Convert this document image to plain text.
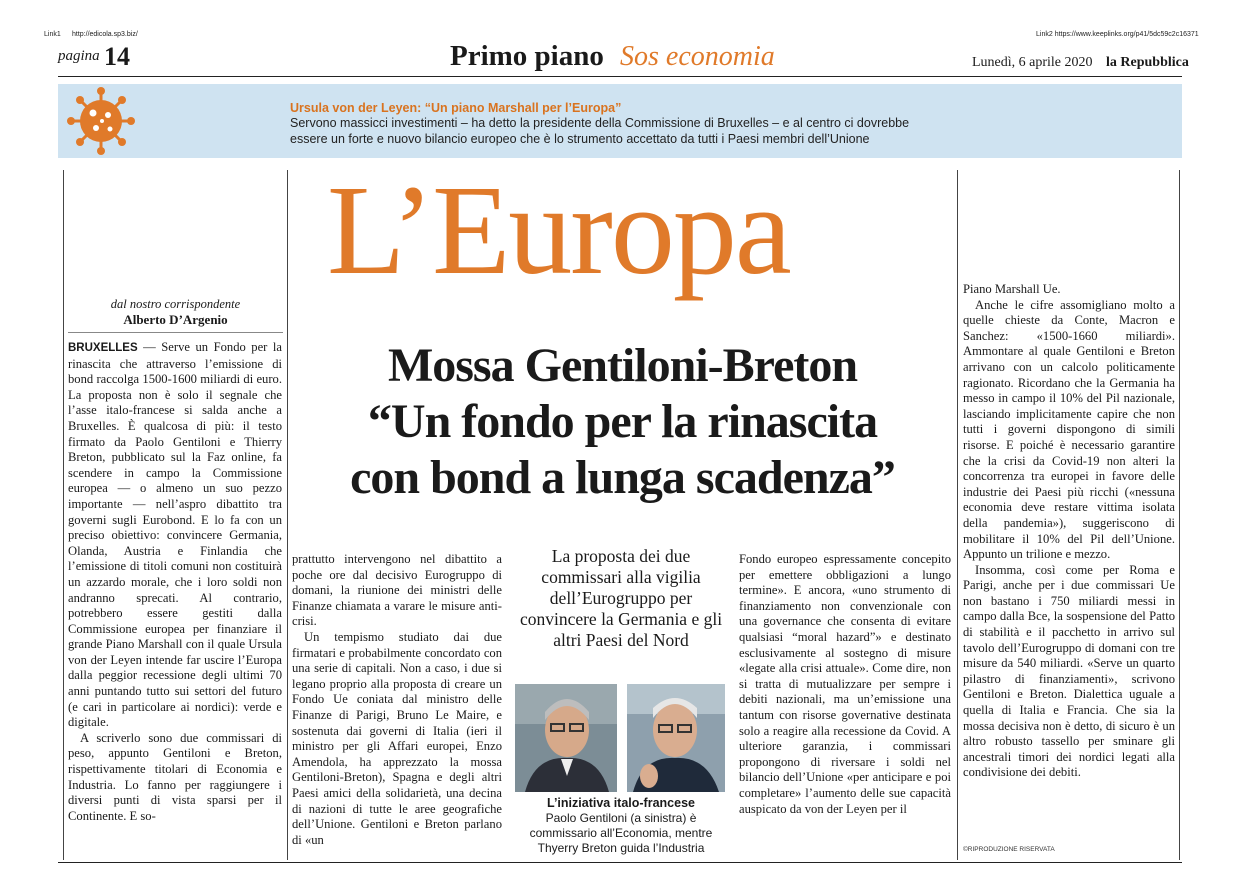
Link1 http://edicola.sp3.biz/	Link2 https://www.keeplinks.org/p41/5dc59c2c16371
pagina 14	Primo piano Sos economia	Lunedì, 6 aprile 2020 la Repubblica
Ursula von der Leyen: “Un piano Marshall per l’Europa”
Servono massicci investimenti – ha detto la presidente della Commissione di Bruxelles – e al centro ci dovrebbe essere un forte e nuovo bilancio europeo che è lo strumento accettato da tutti i Paesi membri dell’Unione
L’Europa
Mossa Gentiloni-Breton
“Un fondo per la rinascita
con bond a lunga scadenza”
dal nostro corrispondente
Alberto D’Argenio

BRUXELLES — Serve un Fondo per la rinascita che attraverso l’emissione di bond raccolga 1500-1600 miliardi di euro. La proposta non è solo il segnale che l’asse italo-francese si salda anche a Bruxelles. È qualcosa di più: il testo firmato da Paolo Gentiloni e Thierry Breton, pubblicato sul la Faz online, fa scendere in campo la Commissione europea — o almeno un suo pezzo importante — nell’aspro dibattito tra governi sugli Eurobond. E lo fa con un preciso obiettivo: convincere Germania, Olanda, Austria e Finlandia che l’emissione di titoli comuni non costituirà un azzardo morale, che i loro soldi non andranno sprecati. Al contrario, potrebbero essere gestiti dalla Commissione europea per finanziare il grande Piano Marshall con il quale Ursula von der Leyen intende far uscire l’Europa dalla peggior recessione degli ultimi 70 anni puntando tutto sui settori del futuro (e cari in particolare ai nordici): verde e digitale.

A scriverlo sono due commissari di peso, appunto Gentiloni e Breton, rispettivamente titolari di Economia e Industria. Lo fanno per raggiungere i diversi punti di vista sparsi per il Continente. E so-

prattutto intervengono nel dibattito a poche ore dal decisivo Eurogruppo di domani, la riunione dei ministri delle Finanze chiamata a varare le misure anti-crisi.

Un tempismo studiato dai due firmatari e probabilmente concordato con una serie di capitali. Non a caso, i due si legano proprio alla proposta di creare un Fondo Ue coniata dal ministro delle Finanze di Parigi, Bruno Le Maire, e sostenuta dai governi di Italia (ieri il ministro per gli Affari europei, Enzo Amendola, ha apprezzato la mossa Gentiloni-Breton), Spagna e degli altri Paesi amici della solidarietà, una decina di nazioni di tutte le aree geografiche dell’Unione. Gentiloni e Breton parlano di «un

La proposta dei due commissari alla vigilia dell’Eurogruppo per convincere la Germania e gli altri Paesi del Nord
L’iniziativa italo-francese
Paolo Gentiloni (a sinistra) è commissario all’Economia, mentre Thyerry Breton guida l’Industria

Fondo europeo espressamente concepito per emettere obbligazioni a lungo termine». E ancora, «uno strumento di finanziamento non convenzionale con una governance che consenta di evitare qualsiasi “moral hazard”» e destinato esclusivamente al sostegno di misure «legate alla crisi attuale». Come dire, non si tratta di mutualizzare per sempre i debiti nazionali, ma un’emissione una tantum con risorse governative destinata solo a reagire alla recessione da Covid. A ulteriore garanzia, i commissari propongono di riversare i soldi nel bilancio dell’Unione «per anticipare e poi completare» l’aumento delle sue capacità auspicato da von der Leyen per il

Piano Marshall Ue.

Anche le cifre assomigliano molto a quelle chieste da Conte, Macron e Sanchez: «1500-1660 miliardi». Ammontare al quale Gentiloni e Breton arrivano con un calcolo politicamente ragionato. Ricordano che la Germania ha messo in campo il 10% del Pil nazionale, lasciando implicitamente capire che non tutti i governi dispongono di simili risorse. E poiché è necessario garantire che la crisi da Covid-19 non alteri la concorrenza tra europei in favore delle industrie dei Paesi più ricchi («nessuna economia deve restare vittima isolata della pandemia»), suggeriscono di mobilitare il 10% del Pil dell’Unione. Appunto un trilione e mezzo.

Insomma, così come per Roma e Parigi, anche per i due commissari Ue non bastano i 750 miliardi messi in campo dalla Bce, la sospensione del Patto di stabilità e il pacchetto in arrivo sul tavolo dell’Eurogruppo di domani con tre misure da 540 miliardi. «Serve un quarto pilastro di finanziamenti», scrivono Gentiloni e Breton. Dialettica uguale a quella di Italia e Francia. Che sia la mossa decisiva non è detto, di sicuro è un altro robusto tassello per sminare gli ancestrali timori dei nordici legati alla condivisione dei debiti.

©RIPRODUZIONE RISERVATA
